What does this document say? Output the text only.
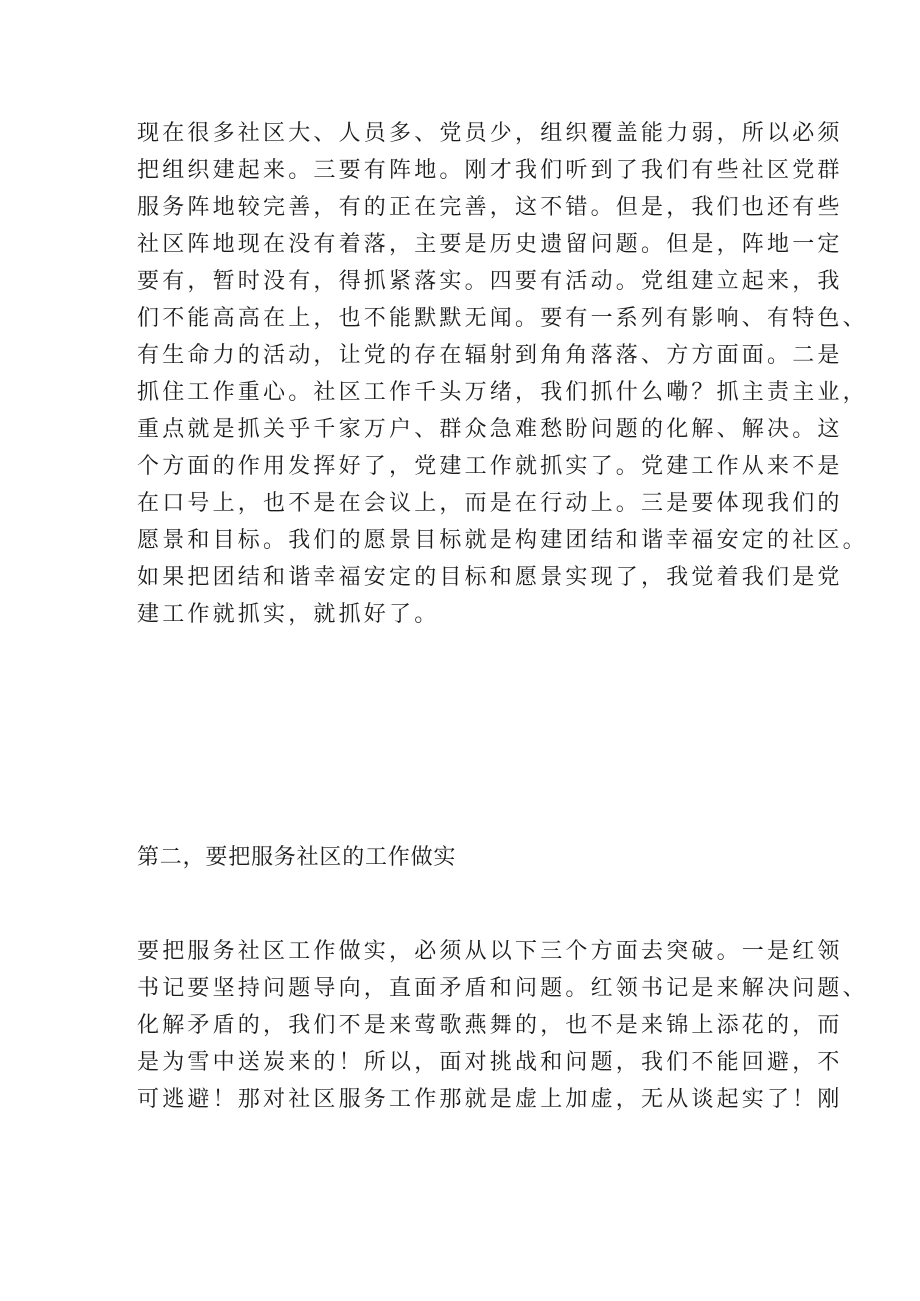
现在很多社区大、人员多、党员少，组织覆盖能力弱，所以必须

把组织建起来。三要有阵地。刚才我们听到了我们有些社区党群

服务阵地较完善，有的正在完善，这不错。但是，我们也还有些

社区阵地现在没有着落，主要是历史遗留问题。但是，阵地一定

要有，暂时没有，得抓紧落实。四要有活动。党组建立起来，我

们不能高高在上，也不能默默无闻。要有一系列有影响、有特色、

有生命力的活动，让党的存在辐射到角角落落、方方面面。二是

抓住工作重心。社区工作千头万绪，我们抓什么嘞？抓主责主业，

重点就是抓关乎千家万户、群众急难愁盼问题的化解、解决。这

个方面的作用发挥好了，党建工作就抓实了。党建工作从来不是

在口号上，也不是在会议上，而是在行动上。三是要体现我们的

愿景和目标。我们的愿景目标就是构建团结和谐幸福安定的社区。

如果把团结和谐幸福安定的目标和愿景实现了，我觉着我们是党

建工作就抓实，就抓好了。

第二，要把服务社区的工作做实

要把服务社区工作做实，必须从以下三个方面去突破。一是红领

书记要坚持问题导向，直面矛盾和问题。红领书记是来解决问题、

化解矛盾的，我们不是来莺歌燕舞的，也不是来锦上添花的，而

是为雪中送炭来的！所以，面对挑战和问题，我们不能回避，不

可逃避！那对社区服务工作那就是虚上加虚，无从谈起实了！刚
